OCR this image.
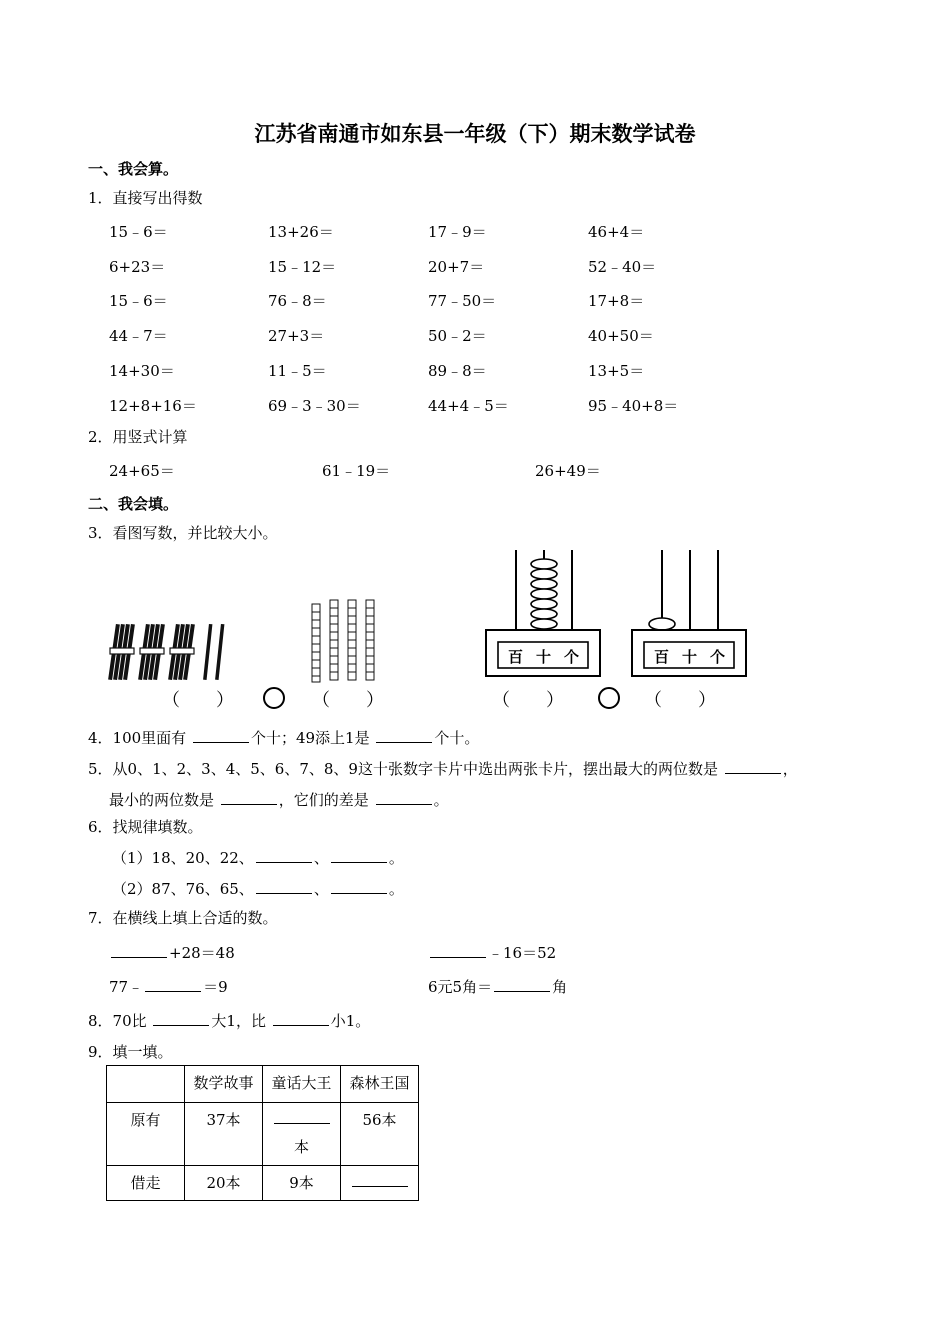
江苏省南通市如东县一年级（下）期末数学试卷
一、我会算。
1．直接写出得数
15﹣6＝	13+26＝	17﹣9＝	46+4＝
6+23＝	15﹣12＝	20+7＝	52﹣40＝
15﹣6＝	76﹣8＝	77﹣50＝	17+8＝
44﹣7＝	27+3＝	50﹣2＝	40+50＝
14+30＝	11﹣5＝	89﹣8＝	13+5＝
12+8+16＝	69﹣3﹣30＝	44+4﹣5＝	95﹣40+8＝
2．用竖式计算
24+65＝	61﹣19＝	26+49＝
二、我会填。
3．看图写数，并比较大小。
（　　）	（　　）
百 十 个	百 十 个
（　　）	（　　）
4．100里面有	个十；49添上1是	个十。
5．从0、1、2、3、4、5、6、7、8、9这十张数字卡片中选出两张卡片，摆出最大的两位数是	，
最小的两位数是	，它们的差是	。
6．找规律填数。
（1）18、20、22、	、	。
（2）87、76、65、	、	。
7．在横线上填上合适的数。
+28＝48	﹣16＝52
77﹣	＝9	6元5角＝	角
8．70比	大1，比	小1。
9．填一填。
	数学故事	童话大王	森林王国
原有	37本	本	56本
借走	20本	9本	
